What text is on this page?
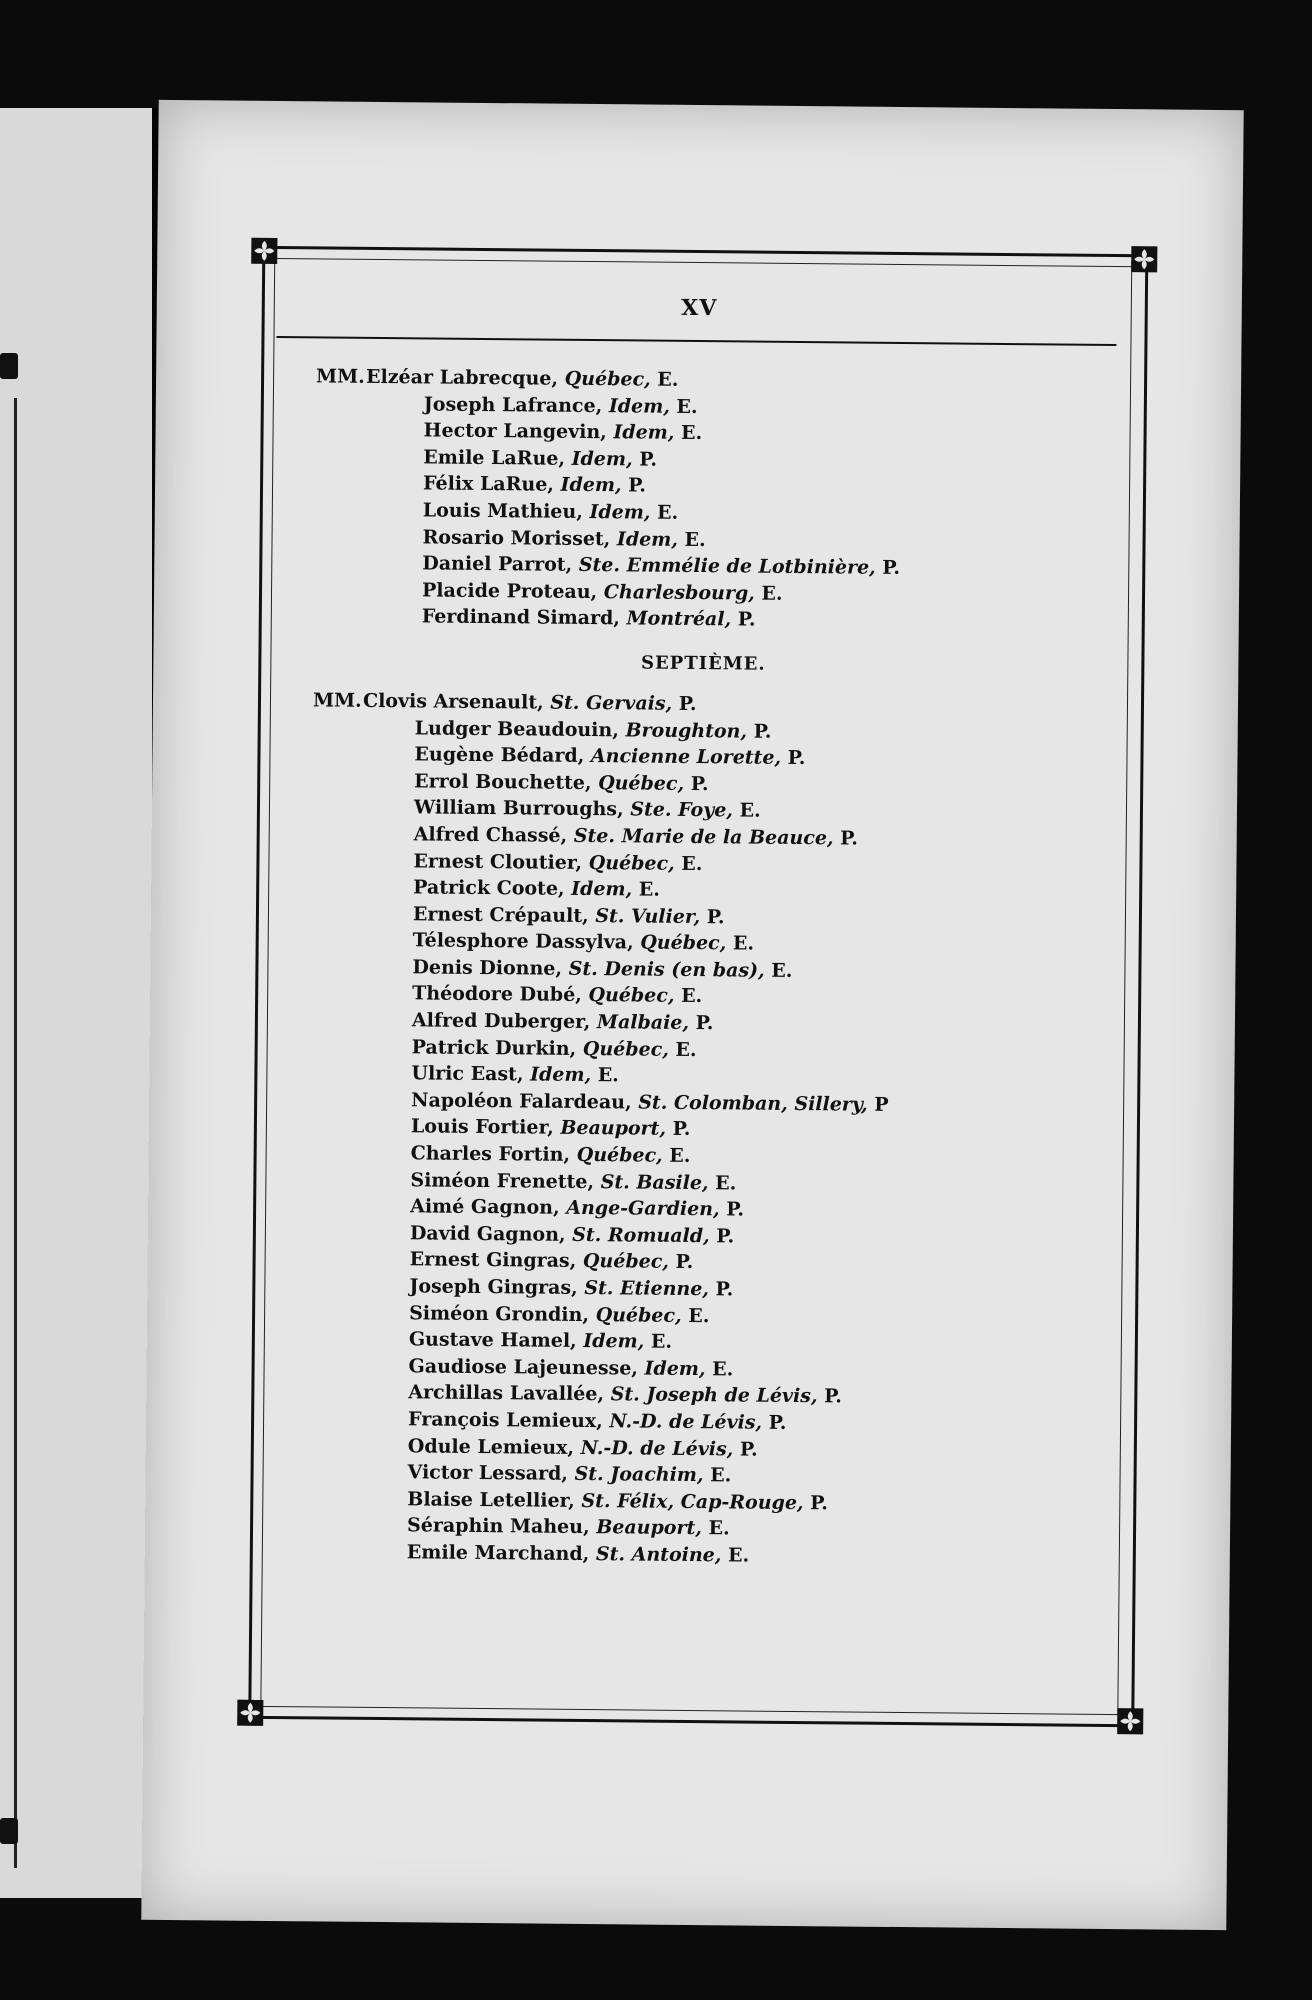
XV
MM.Elzéar Labrecque, Québec, E.
Joseph Lafrance, Idem, E.
Hector Langevin, Idem, E.
Emile LaRue, Idem, P.
Félix LaRue, Idem, P.
Louis Mathieu, Idem, E.
Rosario Morisset, Idem, E.
Daniel Parrot, Ste. Emmélie de Lotbinière, P.
Placide Proteau, Charlesbourg, E.
Ferdinand Simard, Montréal, P.
SEPTIÈME.
MM.Clovis Arsenault, St. Gervais, P.
Ludger Beaudouin, Broughton, P.
Eugène Bédard, Ancienne Lorette, P.
Errol Bouchette, Québec, P.
William Burroughs, Ste. Foye, E.
Alfred Chassé, Ste. Marie de la Beauce, P.
Ernest Cloutier, Québec, E.
Patrick Coote, Idem, E.
Ernest Crépault, St. Vulier, P.
Télesphore Dassylva, Québec, E.
Denis Dionne, St. Denis (en bas), E.
Théodore Dubé, Québec, E.
Alfred Duberger, Malbaie, P.
Patrick Durkin, Québec, E.
Ulric East, Idem, E.
Napoléon Falardeau, St. Colomban, Sillery, P
Louis Fortier, Beauport, P.
Charles Fortin, Québec, E.
Siméon Frenette, St. Basile, E.
Aimé Gagnon, Ange-Gardien, P.
David Gagnon, St. Romuald, P.
Ernest Gingras, Québec, P.
Joseph Gingras, St. Etienne, P.
Siméon Grondin, Québec, E.
Gustave Hamel, Idem, E.
Gaudiose Lajeunesse, Idem, E.
Archillas Lavallée, St. Joseph de Lévis, P.
François Lemieux, N.-D. de Lévis, P.
Odule Lemieux, N.-D. de Lévis, P.
Victor Lessard, St. Joachim, E.
Blaise Letellier, St. Félix, Cap-Rouge, P.
Séraphin Maheu, Beauport, E.
Emile Marchand, St. Antoine, E.
